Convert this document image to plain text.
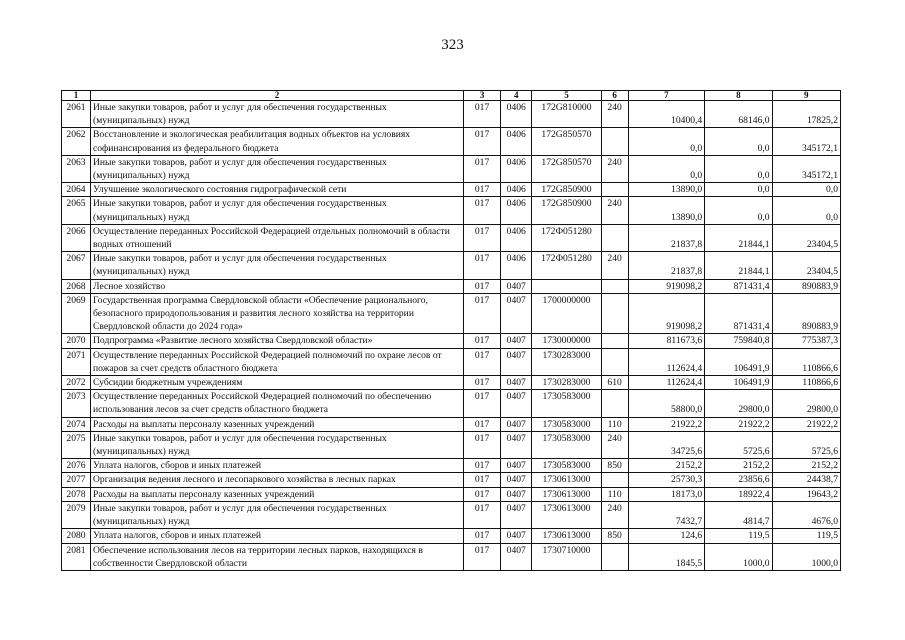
323
1	2	3	4	5	6	7	8	9
2061	Иные закупки товаров, работ и услуг для обеспечения государственных (муниципальных) нужд	017	0406	172G810000	240	10400,4	68146,0	17825,2
2062	Восстановление и экологическая реабилитация водных объектов на условиях софинансирования из федерального бюджета	017	0406	172G850570		0,0	0,0	345172,1
2063	Иные закупки товаров, работ и услуг для обеспечения государственных (муниципальных) нужд	017	0406	172G850570	240	0,0	0,0	345172,1
2064	Улучшение экологического состояния гидрографической сети	017	0406	172G850900		13890,0	0,0	0,0
2065	Иные закупки товаров, работ и услуг для обеспечения государственных (муниципальных) нужд	017	0406	172G850900	240	13890,0	0,0	0,0
2066	Осуществление переданных Российской Федерацией отдельных полномочий в области водных отношений	017	0406	172Ф051280		21837,8	21844,1	23404,5
2067	Иные закупки товаров, работ и услуг для обеспечения государственных (муниципальных) нужд	017	0406	172Ф051280	240	21837,8	21844,1	23404,5
2068	Лесное хозяйство	017	0407			919098,2	871431,4	890883,9
2069	Государственная программа Свердловской области «Обеспечение рационального, безопасного природопользования и развития лесного хозяйства на территории Свердловской области до 2024 года»	017	0407	1700000000		919098,2	871431,4	890883,9
2070	Подпрограмма «Развитие лесного хозяйства Свердловской области»	017	0407	1730000000		811673,6	759840,8	775387,3
2071	Осуществление переданных Российской Федерацией полномочий по охране лесов от пожаров за счет средств областного бюджета	017	0407	1730283000		112624,4	106491,9	110866,6
2072	Субсидии бюджетным учреждениям	017	0407	1730283000	610	112624,4	106491,9	110866,6
2073	Осуществление переданных Российской Федерацией полномочий по обеспечению использования лесов за счет средств областного бюджета	017	0407	1730583000		58800,0	29800,0	29800,0
2074	Расходы на выплаты персоналу казенных учреждений	017	0407	1730583000	110	21922,2	21922,2	21922,2
2075	Иные закупки товаров, работ и услуг для обеспечения государственных (муниципальных) нужд	017	0407	1730583000	240	34725,6	5725,6	5725,6
2076	Уплата налогов, сборов и иных платежей	017	0407	1730583000	850	2152,2	2152,2	2152,2
2077	Организация ведения лесного и лесопаркового хозяйства в лесных парках	017	0407	1730613000		25730,3	23856,6	24438,7
2078	Расходы на выплаты персоналу казенных учреждений	017	0407	1730613000	110	18173,0	18922,4	19643,2
2079	Иные закупки товаров, работ и услуг для обеспечения государственных (муниципальных) нужд	017	0407	1730613000	240	7432,7	4814,7	4676,0
2080	Уплата налогов, сборов и иных платежей	017	0407	1730613000	850	124,6	119,5	119,5
2081	Обеспечение использования лесов на территории лесных парков, находящихся в собственности Свердловской области	017	0407	1730710000		1845,5	1000,0	1000,0
